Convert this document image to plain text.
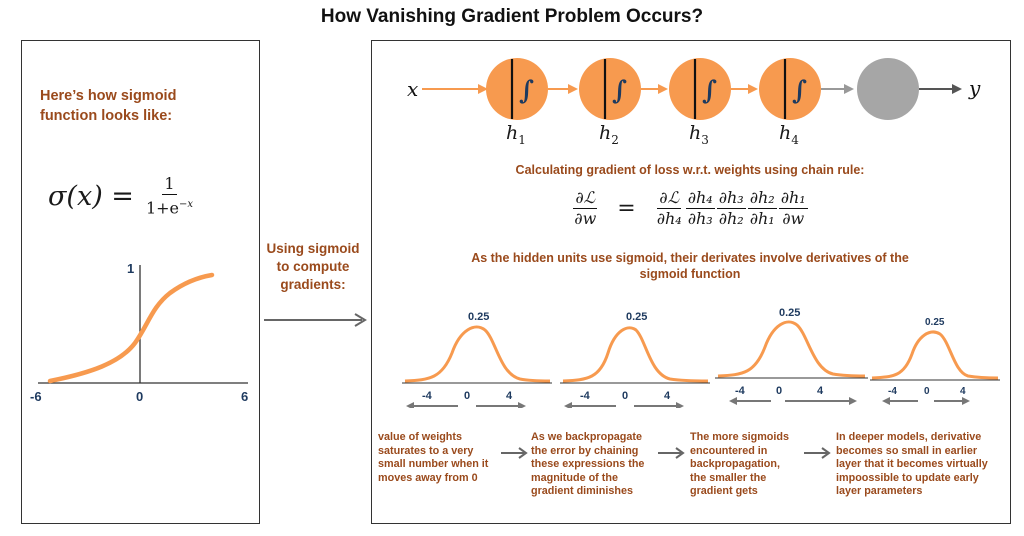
How Vanishing Gradient Problem Occurs?
Here’s how sigmoid
function looks like:
$\sigma(x) = \frac{1}{1+e^{-x}}$
1
-6	0	6
Using sigmoid
to compute
gradients:
x	∫	∫	∫	∫	y
$h_1$	$h_2$	$h_3$	$h_4$
Calculating gradient of loss w.r.t. weights using chain rule:
$\frac{\text{∂ℒ}}{\partial w} = \frac{\text{∂ℒ}}{\text{∂h₄}} \frac{\text{∂h₄}}{\text{∂h₃}} \frac{\text{∂h₃}}{\text{∂h₂}} \frac{\text{∂h₂}}{\text{∂h₁}} \frac{\text{∂h₁}}{\partial w}$
As the hidden units use sigmoid, their derivates involve derivatives of the
sigmoid function
0.25
-4	0	4
0.25
-4	0	4
0.25
-4	0	4
0.25
-4	0	4
value of weights
saturates to a very
small number when it
moves away from 0
As we backpropagate
the error by chaining
these expressions the
magnitude of the
gradient diminishes
The more sigmoids
encountered in
backpropagation,
the smaller the
gradient gets
In deeper models, derivative
becomes so small in earlier
layer that it becomes virtually
impoossible to update early
layer parameters
